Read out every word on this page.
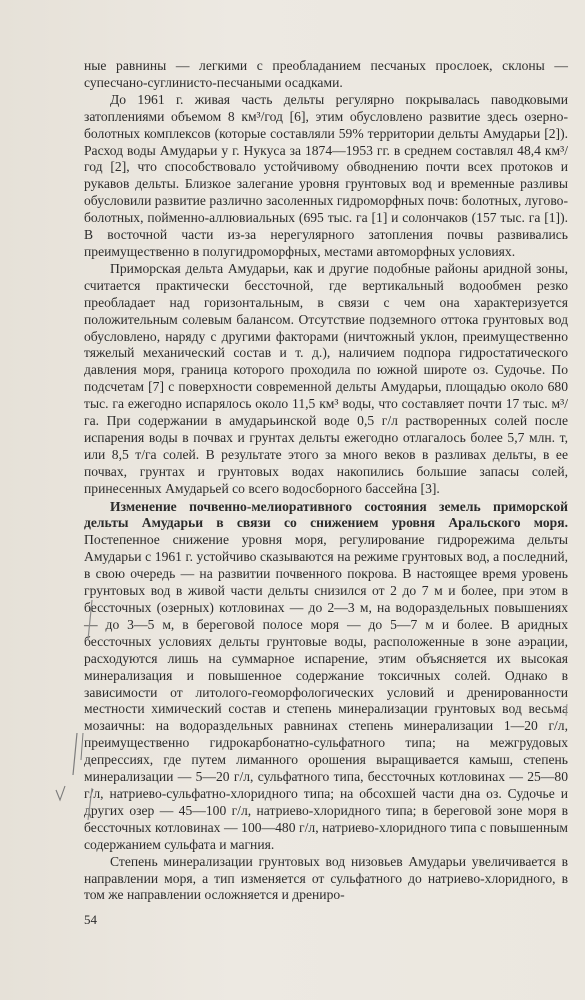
ные равнины — легкими с преобладанием песчаных прослоек, склоны — супесчано-суглинисто-песчаными осадками.

До 1961 г. живая часть дельты регулярно покрывалась паводковыми затоплениями объемом 8 км³/год [6], этим обусловлено развитие здесь озерно-болотных комплексов (которые составляли 59% территории дельты Амударьи [2]). Расход воды Амударьи у г. Нукуса за 1874—1953 гг. в среднем составлял 48,4 км³/год [2], что способствовало устойчивому обводнению почти всех протоков и рукавов дельты. Близкое залегание уровня грунтовых вод и временные разливы обусловили развитие различно засоленных гидроморфных почв: болотных, лугово-болотных, пойменно-аллювиальных (695 тыс. га [1] и солончаков (157 тыс. га [1]). В восточной части из-за нерегулярного затопления почвы развивались преимущественно в полугидроморфных, местами автоморфных условиях.

Приморская дельта Амударьи, как и другие подобные районы аридной зоны, считается практически бессточной, где вертикальный водообмен резко преобладает над горизонтальным, в связи с чем она характеризуется положительным солевым балансом. Отсутствие подземного оттока грунтовых вод обусловлено, наряду с другими факторами (ничтожный уклон, преимущественно тяжелый механический состав и т. д.), наличием подпора гидростатического давления моря, граница которого проходила по южной широте оз. Судочье. По подсчетам [7] с поверхности современной дельты Амударьи, площадью около 680 тыс. га ежегодно испарялось около 11,5 км³ воды, что составляет почти 17 тыс. м³/га. При содержании в амударьинской воде 0,5 г/л растворенных солей после испарения воды в почвах и грунтах дельты ежегодно отлагалось более 5,7 млн. т, или 8,5 т/га солей. В результате этого за много веков в разливах дельты, в ее почвах, грунтах и грунтовых водах накопились большие запасы солей, принесенных Амударьей со всего водосборного бассейна [3].

Изменение почвенно-мелиоративного состояния земель приморской дельты Амударьи в связи со снижением уровня Аральского моря. Постепенное снижение уровня моря, регулирование гидрорежима дельты Амударьи с 1961 г. устойчиво сказываются на режиме грунтовых вод, а последний, в свою очередь — на развитии почвенного покрова. В настоящее время уровень грунтовых вод в живой части дельты снизился от 2 до 7 м и более, при этом в бессточных (озерных) котловинах — до 2—3 м, на водораздельных повышениях — до 3—5 м, в береговой полосе моря — до 5—7 м и более. В аридных бессточных условиях дельты грунтовые воды, расположенные в зоне аэрации, расходуются лишь на суммарное испарение, этим объясняется их высокая минерализация и повышенное содержание токсичных солей. Однако в зависимости от литолого-геоморфологических условий и дренированности местности химический состав и степень минерализации грунтовых вод весьма мозаичны: на водораздельных равнинах степень минерализации 1—20 г/л, преимущественно гидрокарбонатно-сульфатного типа; на межгрудовых депрессиях, где путем лиманного орошения выращивается камыш, степень минерализации — 5—20 г/л, сульфатного типа, бессточных котловинах — 25—80 г/л, натриево-сульфатно-хлоридного типа; на обсохшей части дна оз. Судочье и других озер — 45—100 г/л, натриево-хлоридного типа; в береговой зоне моря в бессточных котловинах — 100—480 г/л, натриево-хлоридного типа с повышенным содержанием сульфата и магния.

Степень минерализации грунтовых вод низовьев Амударьи увеличивается в направлении моря, а тип изменяется от сульфатного до натриево-хлоридного, в том же направлении осложняется и дрениро-

54
